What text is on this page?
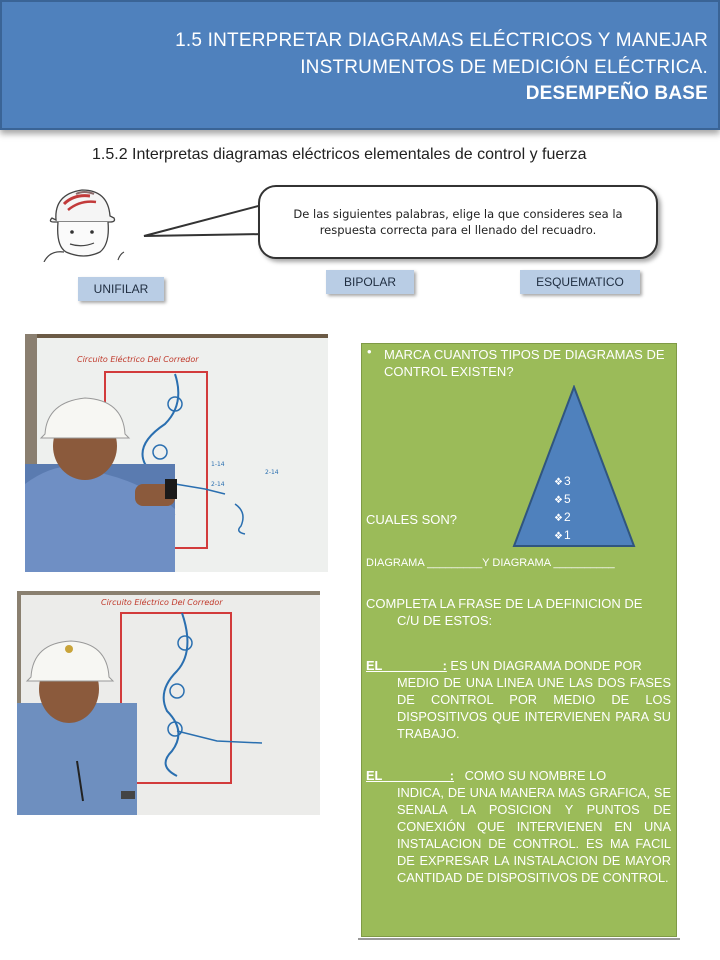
1.5 INTERPRETAR DIAGRAMAS ELÉCTRICOS Y MANEJAR
INSTRUMENTOS DE MEDICIÓN ELÉCTRICA.
DESEMPEÑO BASE
1.5.2 Interpretas diagramas eléctricos elementales de control y fuerza
De las siguientes palabras, elige la que consideres sea la
respuesta correcta para el llenado del recuadro.
UNIFILAR	BIPOLAR	ESQUEMATICO
Circuito Eléctrico Del Corredor
1-14
2-14
2-14
Circuito Eléctrico Del Corredor
• MARCA CUANTOS TIPOS DE DIAGRAMAS DE CONTROL EXISTEN?
❖3
❖5
❖2
❖1
CUALES SON?
DIAGRAMA _________Y DIAGRAMA __________
COMPLETA LA FRASE DE LA DEFINICION DE
C/U DE ESTOS:
EL ________: ES UN DIAGRAMA DONDE POR
MEDIO DE UNA LINEA UNE LAS DOS FASES DE CONTROL POR MEDIO DE LOS DISPOSITIVOS QUE INTERVIENEN PARA SU TRABAJO.
EL _________:   COMO SU NOMBRE LO
INDICA, DE UNA MANERA MAS GRAFICA, SE SENALA LA POSICION Y PUNTOS DE CONEXIÓN QUE INTERVIENEN EN UNA INSTALACION DE CONTROL. ES MA FACIL DE EXPRESAR LA INSTALACION DE MAYOR CANTIDAD DE DISPOSITIVOS DE CONTROL.
